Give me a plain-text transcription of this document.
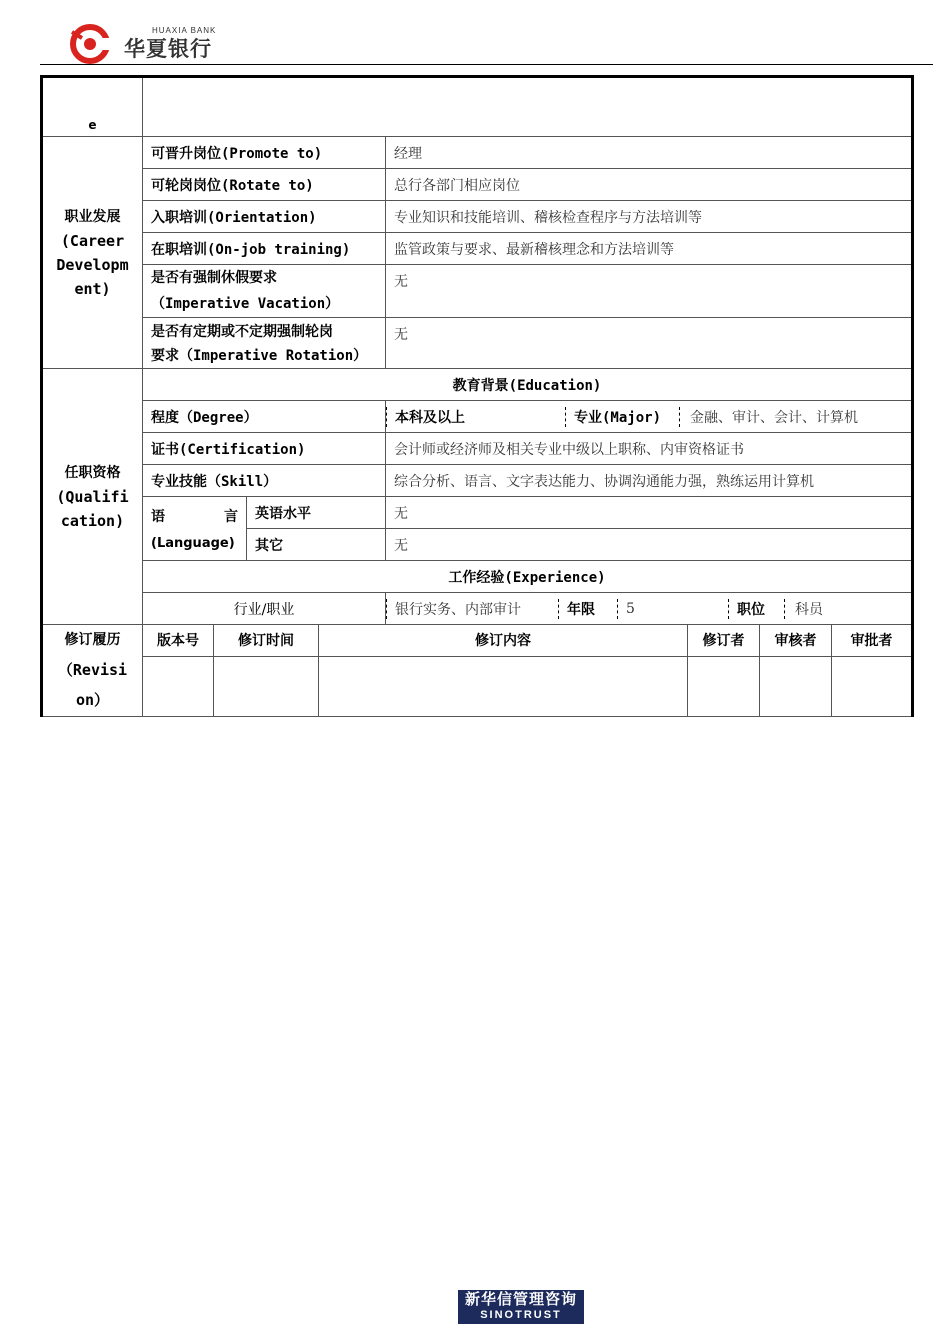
HUAXIA BANK
华夏银行
e	

职业发展
(Career
Developm
ent)
	可晋升岗位(Promote to)	经理
可轮岗岗位(Rotate to)	总行各部门相应岗位
入职培训(Orientation)	专业知识和技能培训、稽核检查程序与方法培训等
在职培训(On-job training)	监管政策与要求、最新稽核理念和方法培训等

是否有强制休假要求
（Imperative Vacation）
	无

是否有定期或不定期强制轮岗
要求（Imperative Rotation）
	无

任职资格
(Qualifi
cation)
	教育背景(Education)
程度（Degree）		本科及以上	专业(Major)	金融、审计、会计、计算机

证书(Certification)	会计师或经济师及相关专业中级以上职称、内审资格证书
专业技能（Skill）	综合分析、语言、文字表达能力、协调沟通能力强，熟练运用计算机

语	言
(Language)
	英语水平	无
其它	无
工作经验(Experience)
行业/职业		银行实务、内部审计	年限	5	职位	科员

修订履历
（Revisi
on）

版本号	修订时间	修订内容	修订者	审核者	审批者

新华信管理咨询
SINOTRUST
